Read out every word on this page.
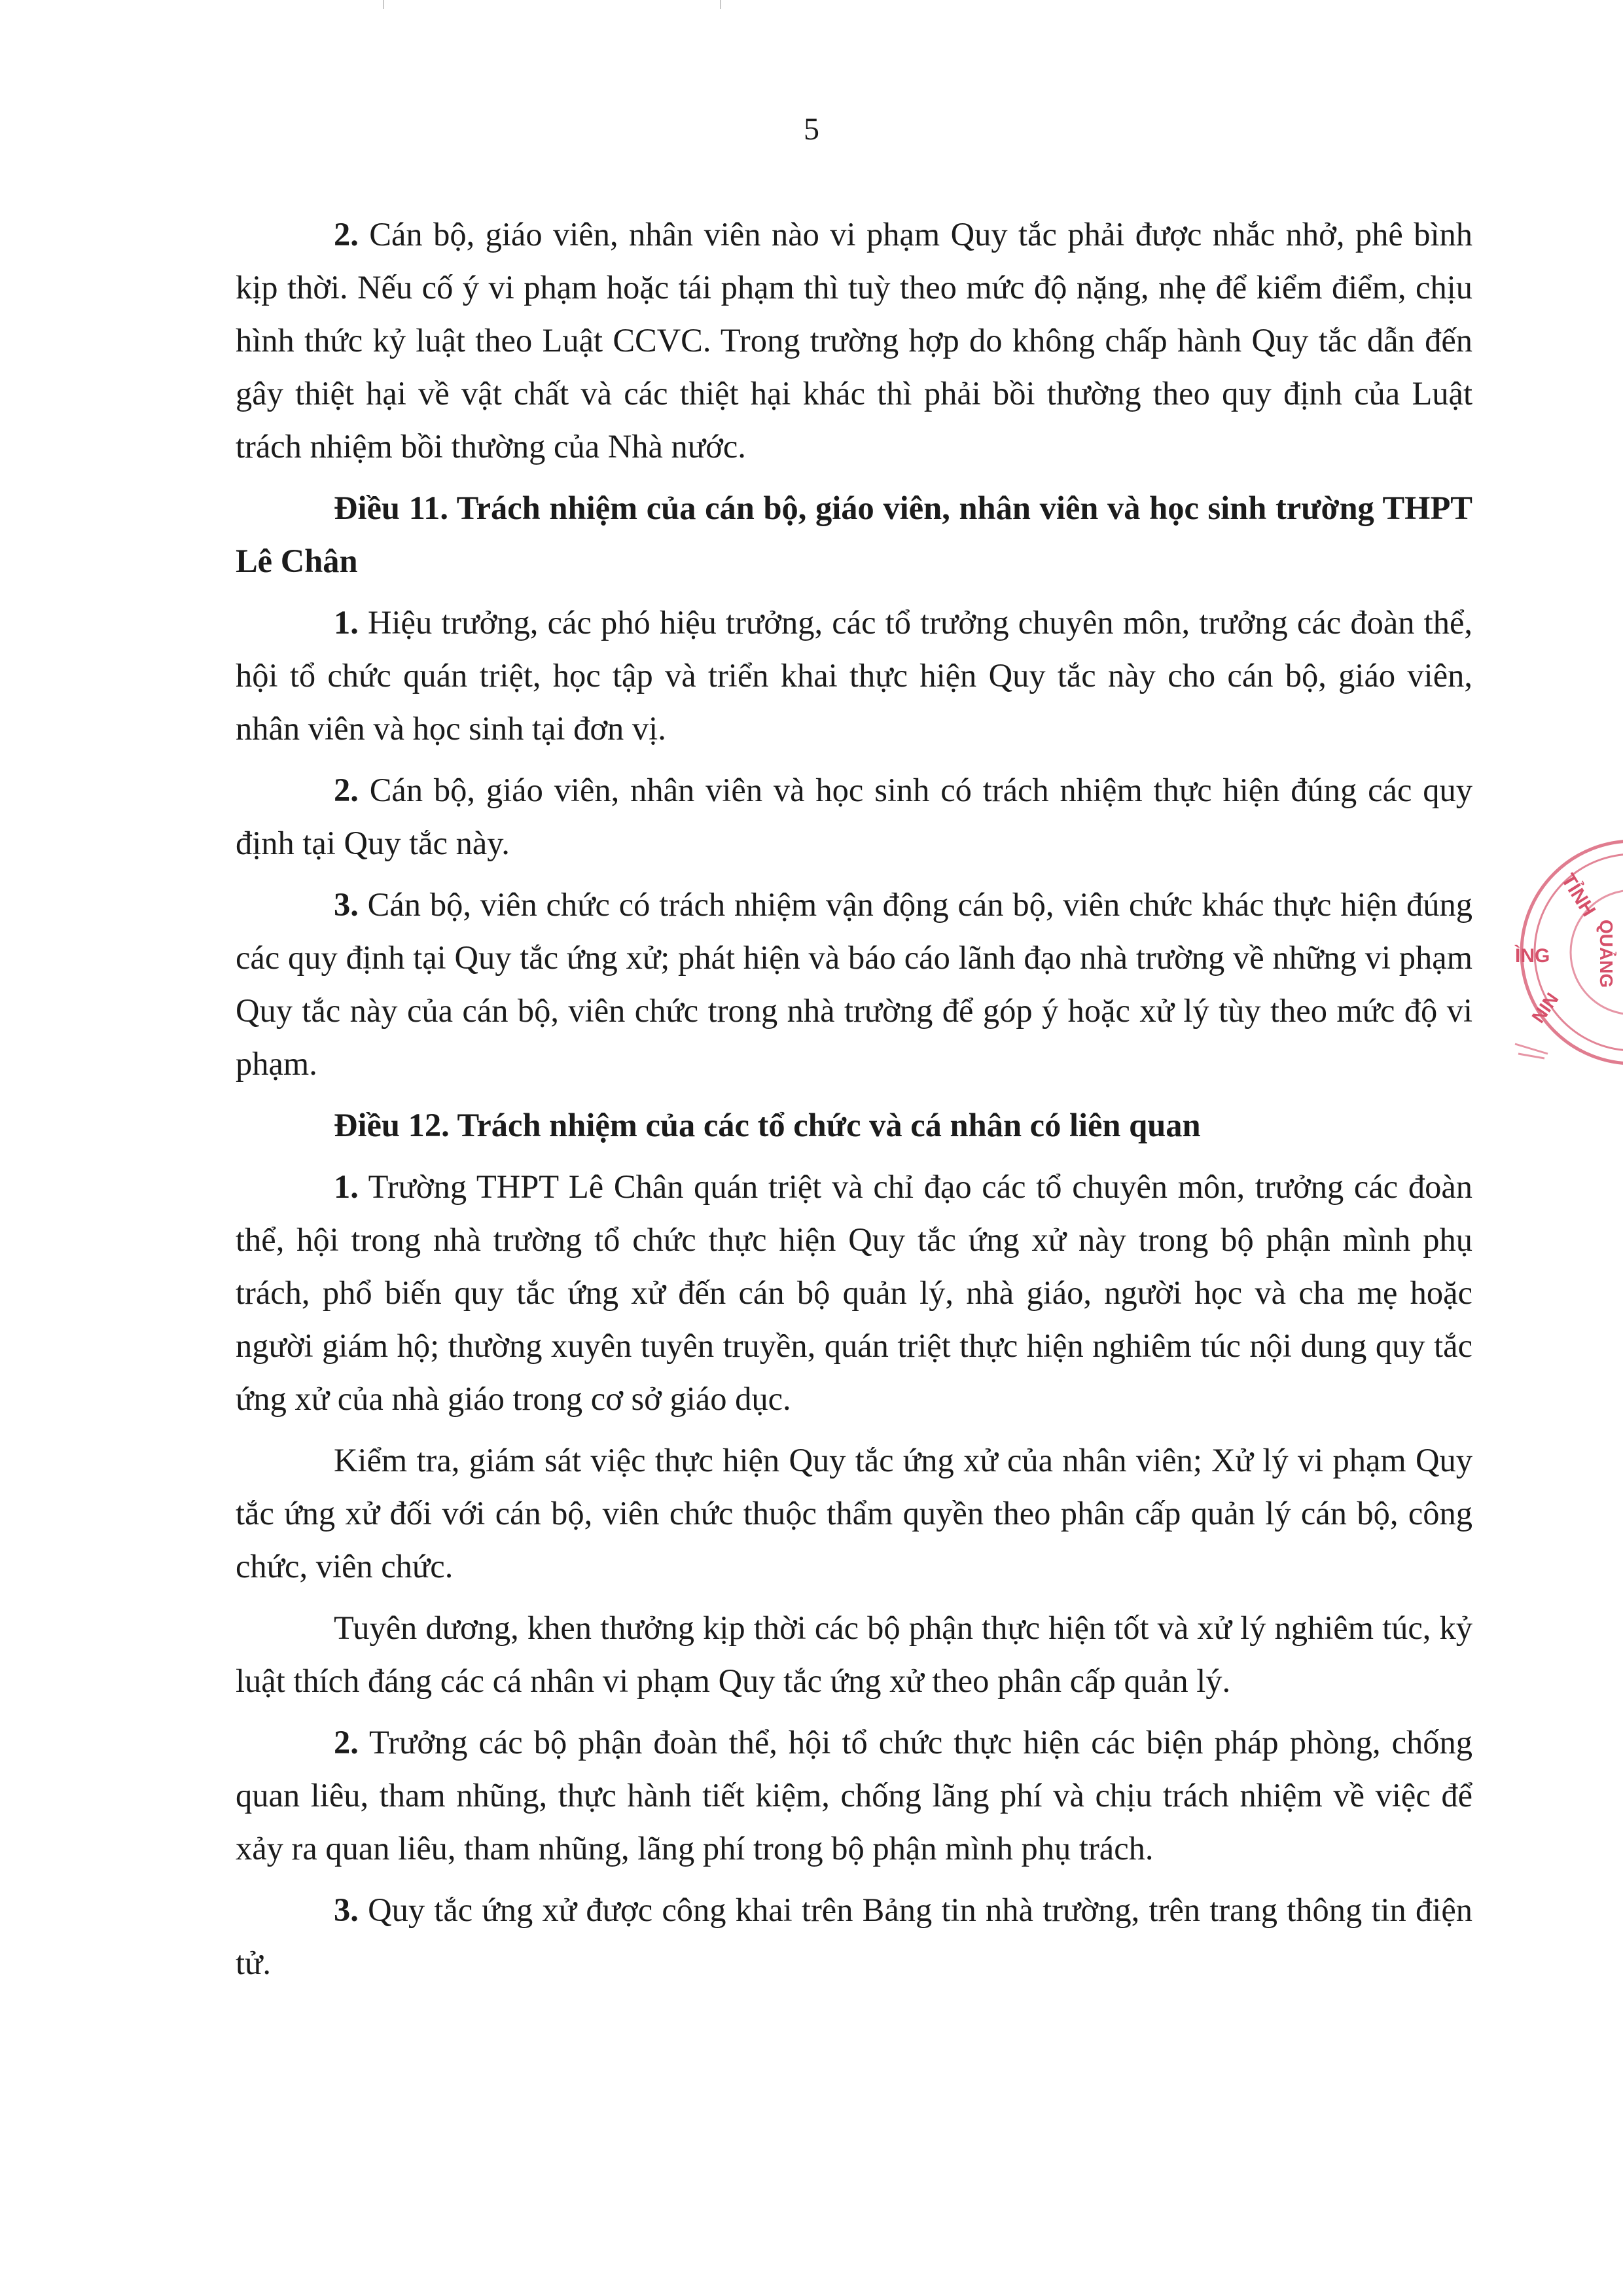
5

2. Cán bộ, giáo viên, nhân viên nào vi phạm Quy tắc phải được nhắc nhở, phê bình kịp thời. Nếu cố ý vi phạm hoặc tái phạm thì tuỳ theo mức độ nặng, nhẹ để kiểm điểm, chịu hình thức kỷ luật theo Luật CCVC. Trong trường hợp do không chấp hành Quy tắc dẫn đến gây thiệt hại về vật chất và các thiệt hại khác thì phải bồi thường theo quy định của Luật trách nhiệm bồi thường của Nhà nước.

Điều 11. Trách nhiệm của cán bộ, giáo viên, nhân viên và học sinh trường THPT Lê Chân

1. Hiệu trưởng, các phó hiệu trưởng, các tổ trưởng chuyên môn, trưởng các đoàn thể, hội tổ chức quán triệt, học tập và triển khai thực hiện Quy tắc này cho cán bộ, giáo viên, nhân viên và học sinh tại đơn vị.

2. Cán bộ, giáo viên, nhân viên và học sinh có trách nhiệm thực hiện đúng các quy định tại Quy tắc này.

3. Cán bộ, viên chức có trách nhiệm vận động cán bộ, viên chức khác thực hiện đúng các quy định tại Quy tắc ứng xử; phát hiện và báo cáo lãnh đạo nhà trường về những vi phạm Quy tắc này của cán bộ, viên chức trong nhà trường để góp ý hoặc xử lý tùy theo mức độ vi phạm.

Điều 12. Trách nhiệm của các tổ chức và cá nhân có liên quan

1. Trường THPT Lê Chân quán triệt và chỉ đạo các tổ chuyên môn, trưởng các đoàn thể, hội trong nhà trường tổ chức thực hiện Quy tắc ứng xử này trong bộ phận mình phụ trách, phổ biến quy tắc ứng xử đến cán bộ quản lý, nhà giáo, người học và cha mẹ hoặc người giám hộ; thường xuyên tuyên truyền, quán triệt thực hiện nghiêm túc nội dung quy tắc ứng xử của nhà giáo trong cơ sở giáo dục.

Kiểm tra, giám sát việc thực hiện Quy tắc ứng xử của nhân viên; Xử lý vi phạm Quy tắc ứng xử đối với cán bộ, viên chức thuộc thẩm quyền theo phân cấp quản lý cán bộ, công chức, viên chức.

Tuyên dương, khen thưởng kịp thời các bộ phận thực hiện tốt và xử lý nghiêm túc, kỷ luật thích đáng các cá nhân vi phạm Quy tắc ứng xử theo phân cấp quản lý.

2. Trưởng các bộ phận đoàn thể, hội tổ chức thực hiện các biện pháp phòng, chống quan liêu, tham nhũng, thực hành tiết kiệm, chống lãng phí và chịu trách nhiệm về việc để xảy ra quan liêu, tham nhũng, lãng phí trong bộ phận mình phụ trách.

3. Quy tắc ứng xử được công khai trên Bảng tin nhà trường, trên trang thông tin điện tử.

TỈNH
QUẢNG
ÌNG
NIN
